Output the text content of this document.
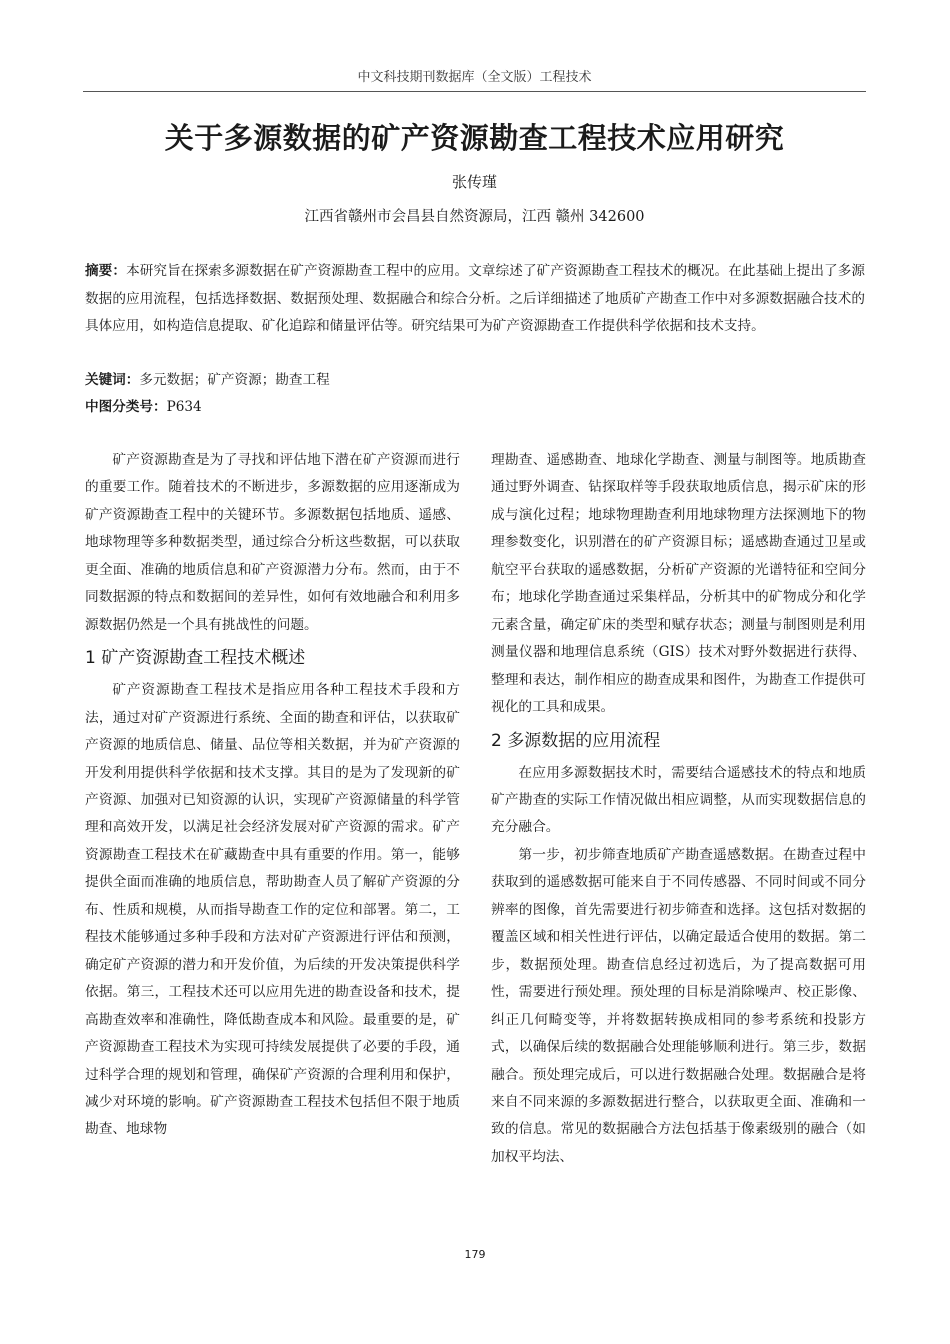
中文科技期刊数据库（全文版）工程技术
关于多源数据的矿产资源勘查工程技术应用研究
张传瑾
江西省赣州市会昌县自然资源局，江西 赣州 342600

摘要：本研究旨在探索多源数据在矿产资源勘查工程中的应用。文章综述了矿产资源勘查工程技术的概况。在此基础上提出了多源数据的应用流程，包括选择数据、数据预处理、数据融合和综合分析。之后详细描述了地质矿产勘查工作中对多源数据融合技术的具体应用，如构造信息提取、矿化追踪和储量评估等。研究结果可为矿产资源勘查工作提供科学依据和技术支持。

关键词：多元数据；矿产资源；勘查工程
中图分类号：P634

矿产资源勘查是为了寻找和评估地下潜在矿产资源而进行的重要工作。随着技术的不断进步，多源数据的应用逐渐成为矿产资源勘查工程中的关键环节。多源数据包括地质、遥感、地球物理等多种数据类型，通过综合分析这些数据，可以获取更全面、准确的地质信息和矿产资源潜力分布。然而，由于不同数据源的特点和数据间的差异性，如何有效地融合和利用多源数据仍然是一个具有挑战性的问题。

1 矿产资源勘查工程技术概述

矿产资源勘查工程技术是指应用各种工程技术手段和方法，通过对矿产资源进行系统、全面的勘查和评估，以获取矿产资源的地质信息、储量、品位等相关数据，并为矿产资源的开发利用提供科学依据和技术支撑。其目的是为了发现新的矿产资源、加强对已知资源的认识，实现矿产资源储量的科学管理和高效开发，以满足社会经济发展对矿产资源的需求。矿产资源勘查工程技术在矿藏勘查中具有重要的作用。第一，能够提供全面而准确的地质信息，帮助勘查人员了解矿产资源的分布、性质和规模，从而指导勘查工作的定位和部署。第二，工程技术能够通过多种手段和方法对矿产资源进行评估和预测，确定矿产资源的潜力和开发价值，为后续的开发决策提供科学依据。第三，工程技术还可以应用先进的勘查设备和技术，提高勘查效率和准确性，降低勘查成本和风险。最重要的是，矿产资源勘查工程技术为实现可持续发展提供了必要的手段，通过科学合理的规划和管理，确保矿产资源的合理利用和保护，减少对环境的影响。矿产资源勘查工程技术包括但不限于地质勘查、地球物

理勘查、遥感勘查、地球化学勘查、测量与制图等。地质勘查通过野外调查、钻探取样等手段获取地质信息，揭示矿床的形成与演化过程；地球物理勘查利用地球物理方法探测地下的物理参数变化，识别潜在的矿产资源目标；遥感勘查通过卫星或航空平台获取的遥感数据，分析矿产资源的光谱特征和空间分布；地球化学勘查通过采集样品，分析其中的矿物成分和化学元素含量，确定矿床的类型和赋存状态；测量与制图则是利用测量仪器和地理信息系统（GIS）技术对野外数据进行获得、整理和表达，制作相应的勘查成果和图件，为勘查工作提供可视化的工具和成果。

2 多源数据的应用流程

在应用多源数据技术时，需要结合遥感技术的特点和地质矿产勘查的实际工作情况做出相应调整，从而实现数据信息的充分融合。

第一步，初步筛查地质矿产勘查遥感数据。在勘查过程中获取到的遥感数据可能来自于不同传感器、不同时间或不同分辨率的图像，首先需要进行初步筛查和选择。这包括对数据的覆盖区域和相关性进行评估，以确定最适合使用的数据。第二步，数据预处理。勘查信息经过初选后，为了提高数据可用性，需要进行预处理。预处理的目标是消除噪声、校正影像、纠正几何畸变等，并将数据转换成相同的参考系统和投影方式，以确保后续的数据融合处理能够顺利进行。第三步，数据融合。预处理完成后，可以进行数据融合处理。数据融合是将来自不同来源的多源数据进行整合，以获取更全面、准确和一致的信息。常见的数据融合方法包括基于像素级别的融合（如加权平均法、

179
